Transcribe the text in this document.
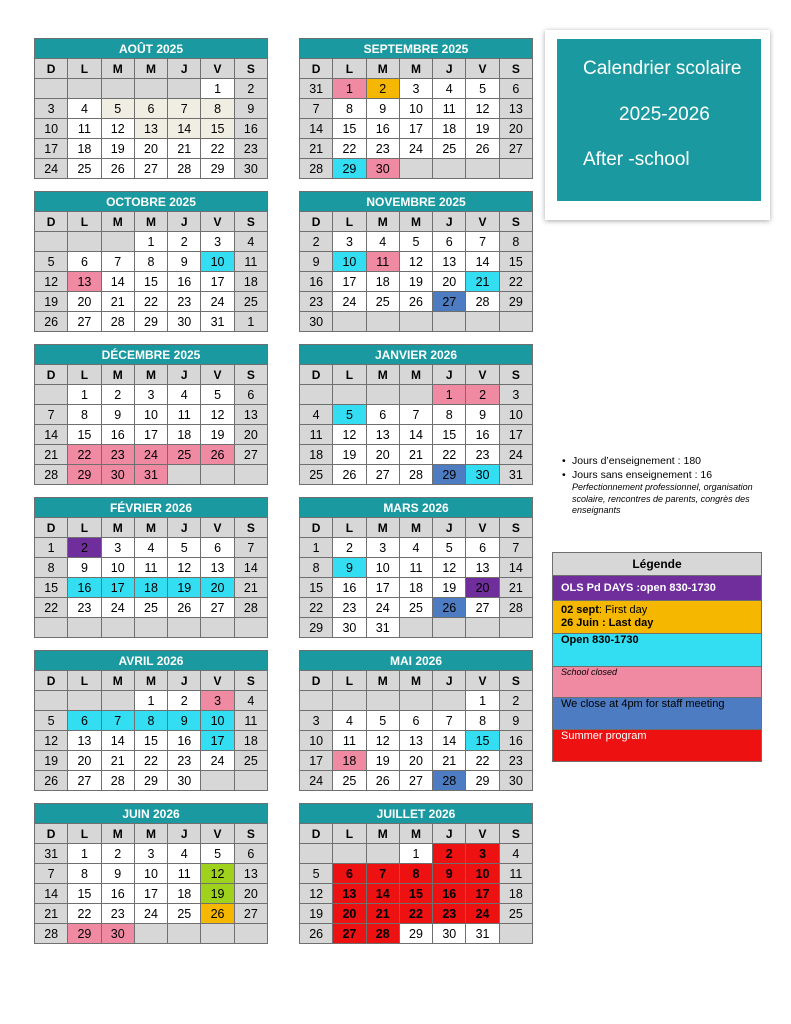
AOÛT 2025						
D	L	M	M	J	V	S
					1	2
3	4	5	6	7	8	9
10	11	12	13	14	15	16
17	18	19	20	21	22	23
24	25	26	27	28	29	30
SEPTEMBRE 2025						
D	L	M	M	J	V	S
31	1	2	3	4	5	6
7	8	9	10	11	12	13
14	15	16	17	18	19	20
21	22	23	24	25	26	27
28	29	30				
OCTOBRE 2025						
D	L	M	M	J	V	S
			1	2	3	4
5	6	7	8	9	10	11
12	13	14	15	16	17	18
19	20	21	22	23	24	25
26	27	28	29	30	31	1
NOVEMBRE 2025						
D	L	M	M	J	V	S
2	3	4	5	6	7	8
9	10	11	12	13	14	15
16	17	18	19	20	21	22
23	24	25	26	27	28	29
30						
DÉCEMBRE 2025						
D	L	M	M	J	V	S
	1	2	3	4	5	6
7	8	9	10	11	12	13
14	15	16	17	18	19	20
21	22	23	24	25	26	27
28	29	30	31			
JANVIER 2026						
D	L	M	M	J	V	S
				1	2	3
4	5	6	7	8	9	10
11	12	13	14	15	16	17
18	19	20	21	22	23	24
25	26	27	28	29	30	31
FÉVRIER 2026						
D	L	M	M	J	V	S
1	2	3	4	5	6	7
8	9	10	11	12	13	14
15	16	17	18	19	20	21
22	23	24	25	26	27	28

MARS 2026						
D	L	M	M	J	V	S
1	2	3	4	5	6	7
8	9	10	11	12	13	14
15	16	17	18	19	20	21
22	23	24	25	26	27	28
29	30	31				
AVRIL 2026						
D	L	M	M	J	V	S
			1	2	3	4
5	6	7	8	9	10	11
12	13	14	15	16	17	18
19	20	21	22	23	24	25
26	27	28	29	30		
MAI 2026						
D	L	M	M	J	V	S
					1	2
3	4	5	6	7	8	9
10	11	12	13	14	15	16
17	18	19	20	21	22	23
24	25	26	27	28	29	30
JUIN 2026						
D	L	M	M	J	V	S
31	1	2	3	4	5	6
7	8	9	10	11	12	13
14	15	16	17	18	19	20
21	22	23	24	25	26	27
28	29	30				
JUILLET 2026						
D	L	M	M	J	V	S
			1	2	3	4
5	6	7	8	9	10	11
12	13	14	15	16	17	18
19	20	21	22	23	24	25
26	27	28	29	30	31	
Calendrier scolaire
2025-2026
After -school
• Jours d’enseignement : 180
• Jours sans enseignement : 16
Perfectionnement professionnel, organisation scolaire, rencontres de parents, congrès des enseignants
Légende
OLS Pd DAYS :open 830-1730

02 sept: First day
26 Juin : Last day

Open 830-1730
School closed
We close at 4pm for staff meeting
Summer program
